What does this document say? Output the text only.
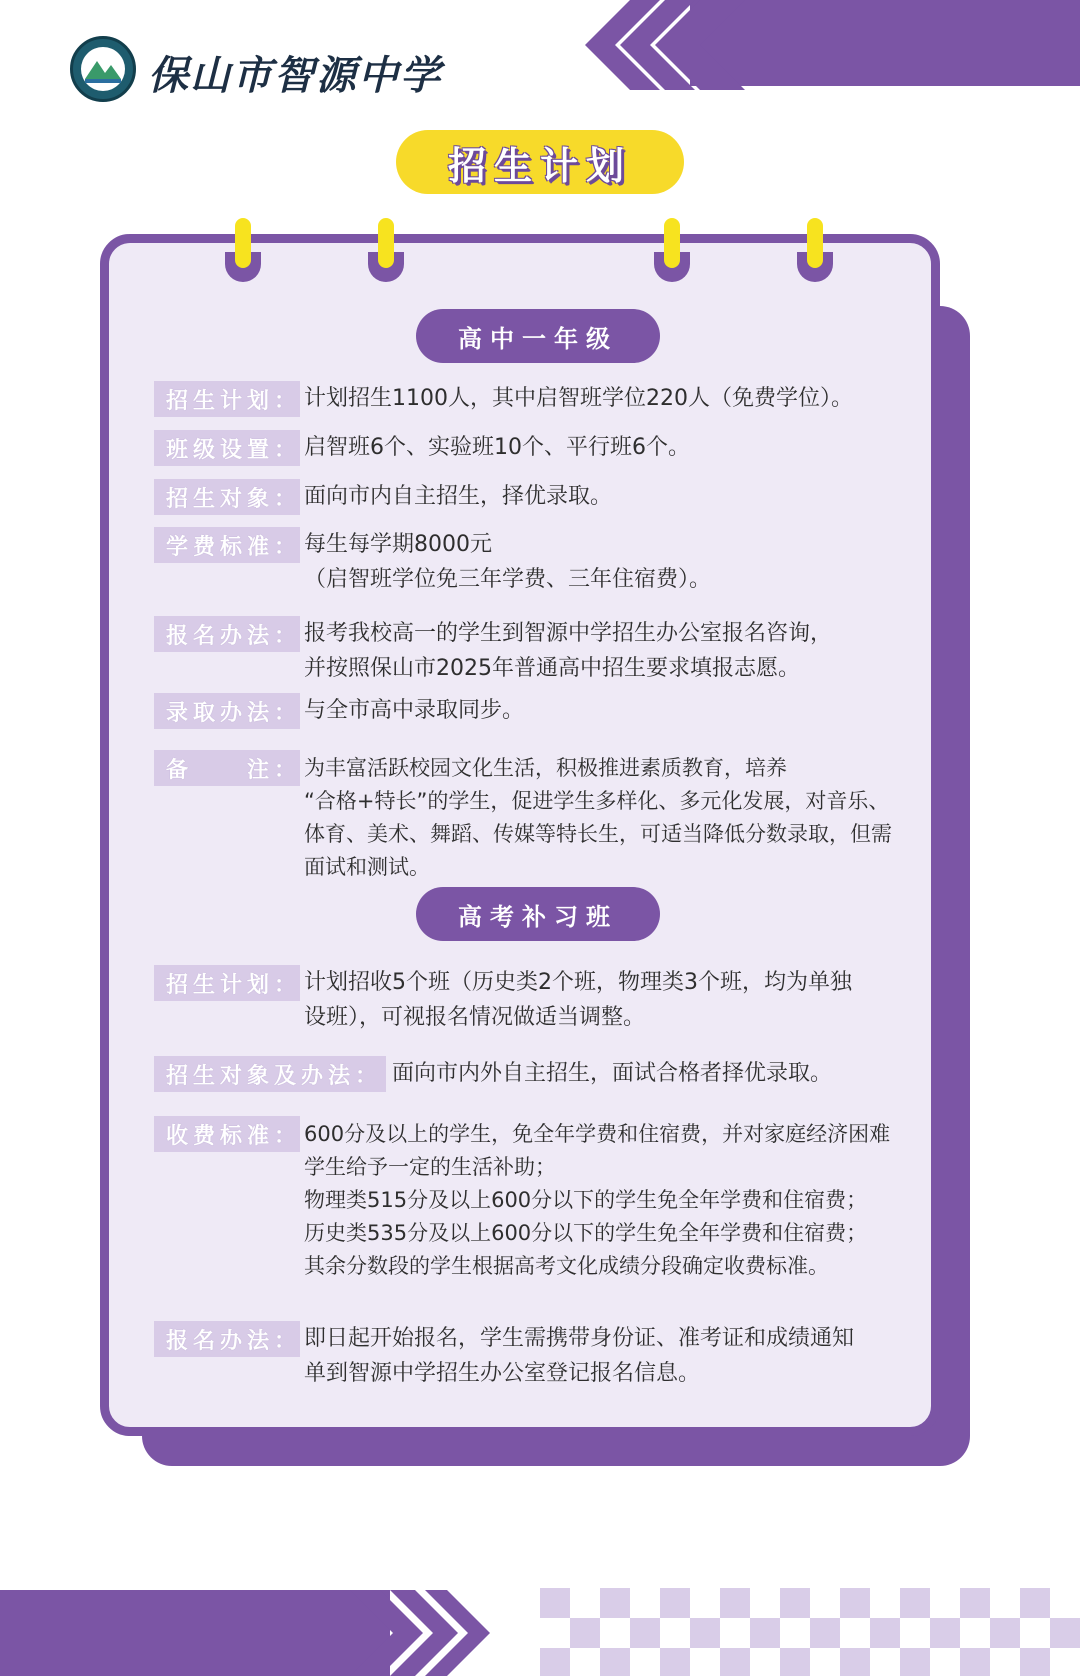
保山市智源中学
招生计划
高中一年级
招生计划： 计划招生1100人，其中启智班学位220人（免费学位）。
班级设置： 启智班6个、实验班10个、平行班6个。
招生对象： 面向市内自主招生，择优录取。
学费标准： 每生每学期8000元
（启智班学位免三年学费、三年住宿费）。
报名办法： 报考我校高一的学生到智源中学招生办公室报名咨询，
并按照保山市2025年普通高中招生要求填报志愿。
录取办法： 与全市高中录取同步。
备　　注： 为丰富活跃校园文化生活，积极推进素质教育，培养
“合格+特长”的学生，促进学生多样化、多元化发展，对音乐、
体育、美术、舞蹈、传媒等特长生，可适当降低分数录取，但需
面试和测试。
高考补习班
招生计划： 计划招收5个班（历史类2个班，物理类3个班，均为单独
设班），可视报名情况做适当调整。
招生对象及办法： 面向市内外自主招生，面试合格者择优录取。
收费标准： 600分及以上的学生，免全年学费和住宿费，并对家庭经济困难
学生给予一定的生活补助；
物理类515分及以上600分以下的学生免全年学费和住宿费；
历史类535分及以上600分以下的学生免全年学费和住宿费；
其余分数段的学生根据高考文化成绩分段确定收费标准。
报名办法： 即日起开始报名，学生需携带身份证、准考证和成绩通知
单到智源中学招生办公室登记报名信息。
